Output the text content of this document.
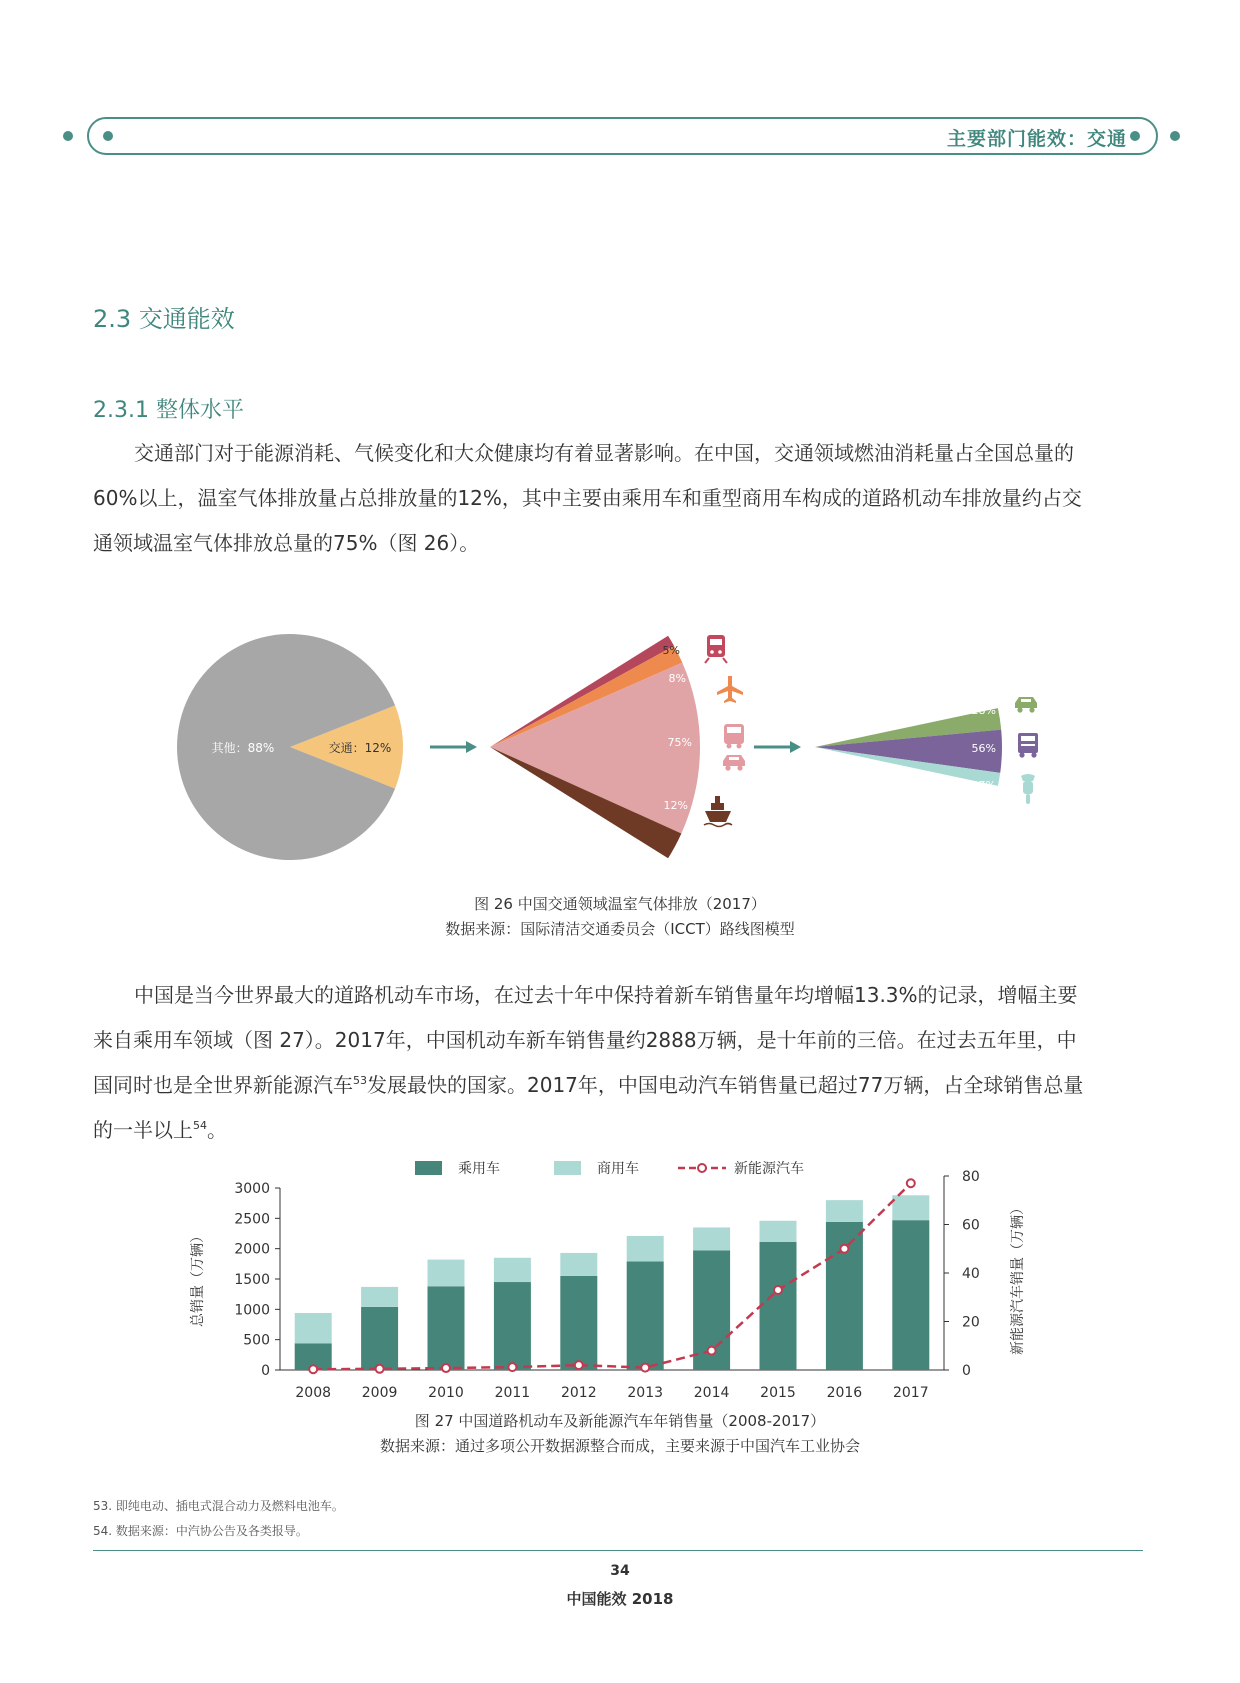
主要部门能效：交通
2.3 交通能效
2.3.1 整体水平

交通部门对于能源消耗、气候变化和大众健康均有着显著影响。在中国，交通领域燃油消耗量占全国总量的
60%以上，温室气体排放量占总排放量的12%，其中主要由乘用车和重型商用车构成的道路机动车排放量约占交
通领域温室气体排放总量的75%（图 26）。

其他：88%	交通：12%
5%
8%
75%
12%
28%
56%
17%
图 26 中国交通领域温室气体排放（2017）
数据来源：国际清洁交通委员会（ICCT）路线图模型

中国是当今世界最大的道路机动车市场，在过去十年中保持着新车销售量年均增幅13.3%的记录，增幅主要
来自乘用车领域（图 27）。2017年，中国机动车新车销售量约2888万辆，是十年前的三倍。在过去五年里，中
国同时也是全世界新能源汽车$^{53}$发展最快的国家。2017年，中国电动汽车销售量已超过77万辆，占全球销售总量
的一半以上$^{54}$。

0
500
1000
1500
2000
2500
3000
0
20
40
60
80
2008 2009 2010 2011 2012 2013 2014 2015 2016 2017
乘用车	商用车	新能源汽车
总销量（万辆）	新能源汽车销量（万辆）
图 27 中国道路机动车及新能源汽车年销售量（2008-2017）
数据来源：通过多项公开数据源整合而成，主要来源于中国汽车工业协会
53. 即纯电动、插电式混合动力及燃料电池车。
54. 数据来源：中汽协公告及各类报导。
34
中国能效 2018
